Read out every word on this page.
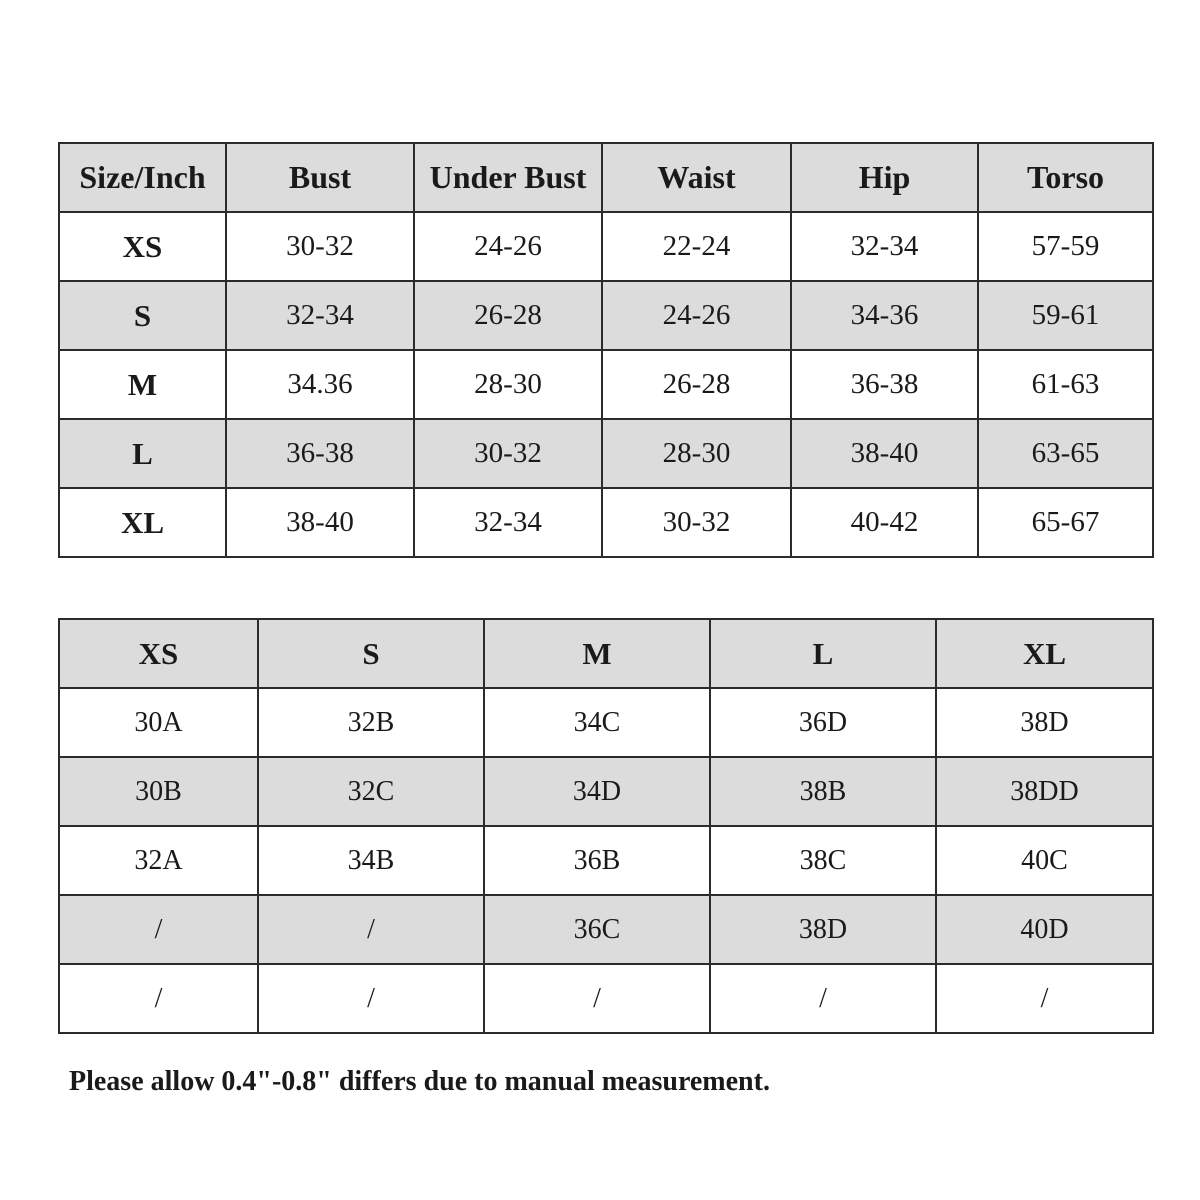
Size/Inch	Bust	Under Bust	Waist	Hip	Torso
XS	30-32	24-26	22-24	32-34	57-59
S	32-34	26-28	24-26	34-36	59-61
M	34.36	28-30	26-28	36-38	61-63
L	36-38	30-32	28-30	38-40	63-65
XL	38-40	32-34	30-32	40-42	65-67
XS	S	M	L	XL
30A	32B	34C	36D	38D
30B	32C	34D	38B	38DD
32A	34B	36B	38C	40C
/	/	36C	38D	40D
/	/	/	/	/
Please allow 0.4"-0.8" differs due to manual measurement.
